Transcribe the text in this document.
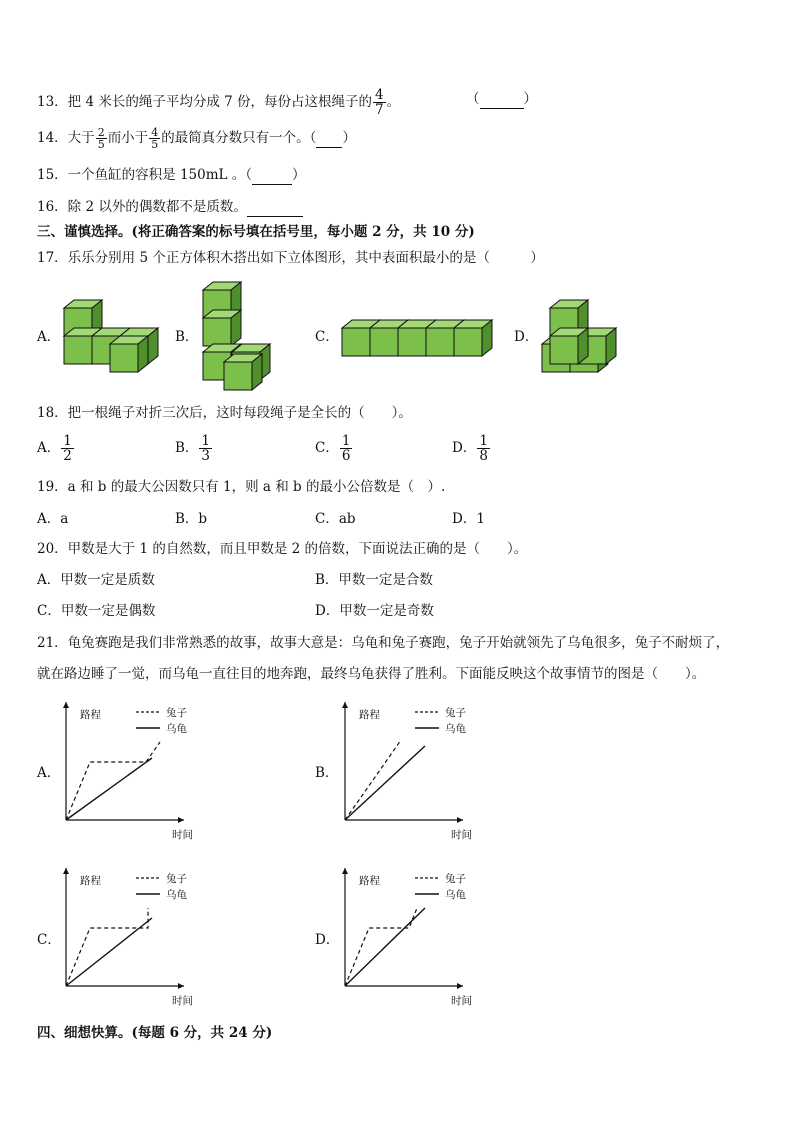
13．把 4 米长的绳子平均分成 7 份，每份占这根绳子的 $\frac{4}{7}$ 。	（	）
14．大于 $\frac{2}{5}$ 而小于 $\frac{4}{5}$ 的最简真分数只有一个。（ ）
15．一个鱼缸的容积是 150mL 。（	）
16．除 2 以外的偶数都不是质数。
三、谨慎选择。(将正确答案的标号填在括号里，每小题 2 分，共 10 分)
17．乐乐分别用 5 个正方体积木搭出如下立体图形，其中表面积最小的是（　　　）
A．	B．	C．	D．
18．把一根绳子对折三次后，这时每段绳子是全长的（　　）。
A． $\frac{1}{2}$	B． $\frac{1}{3}$	C． $\frac{1}{6}$	D． $\frac{1}{8}$
19．a 和 b 的最大公因数只有 1，则 a 和 b 的最小公倍数是（　）.
A．a	B．b	C．ab	D．1
20．甲数是大于 1 的自然数，而且甲数是 2 的倍数，下面说法正确的是（　　）。
A．甲数一定是质数	B．甲数一定是合数
C．甲数一定是偶数	D．甲数一定是奇数
21．龟兔赛跑是我们非常熟悉的故事，故事大意是：乌龟和兔子赛跑，兔子开始就领先了乌龟很多，兔子不耐烦了，
就在路边睡了一觉，而乌龟一直往目的地奔跑，最终乌龟获得了胜利。下面能反映这个故事情节的图是（　　）。
A．	B．
C．	D．
路程
时间
兔子
乌龟
路程
时间
兔子
乌龟
路程
时间
兔子
乌龟
路程
时间
兔子
乌龟
四、细想快算。(每题 6 分，共 24 分)
